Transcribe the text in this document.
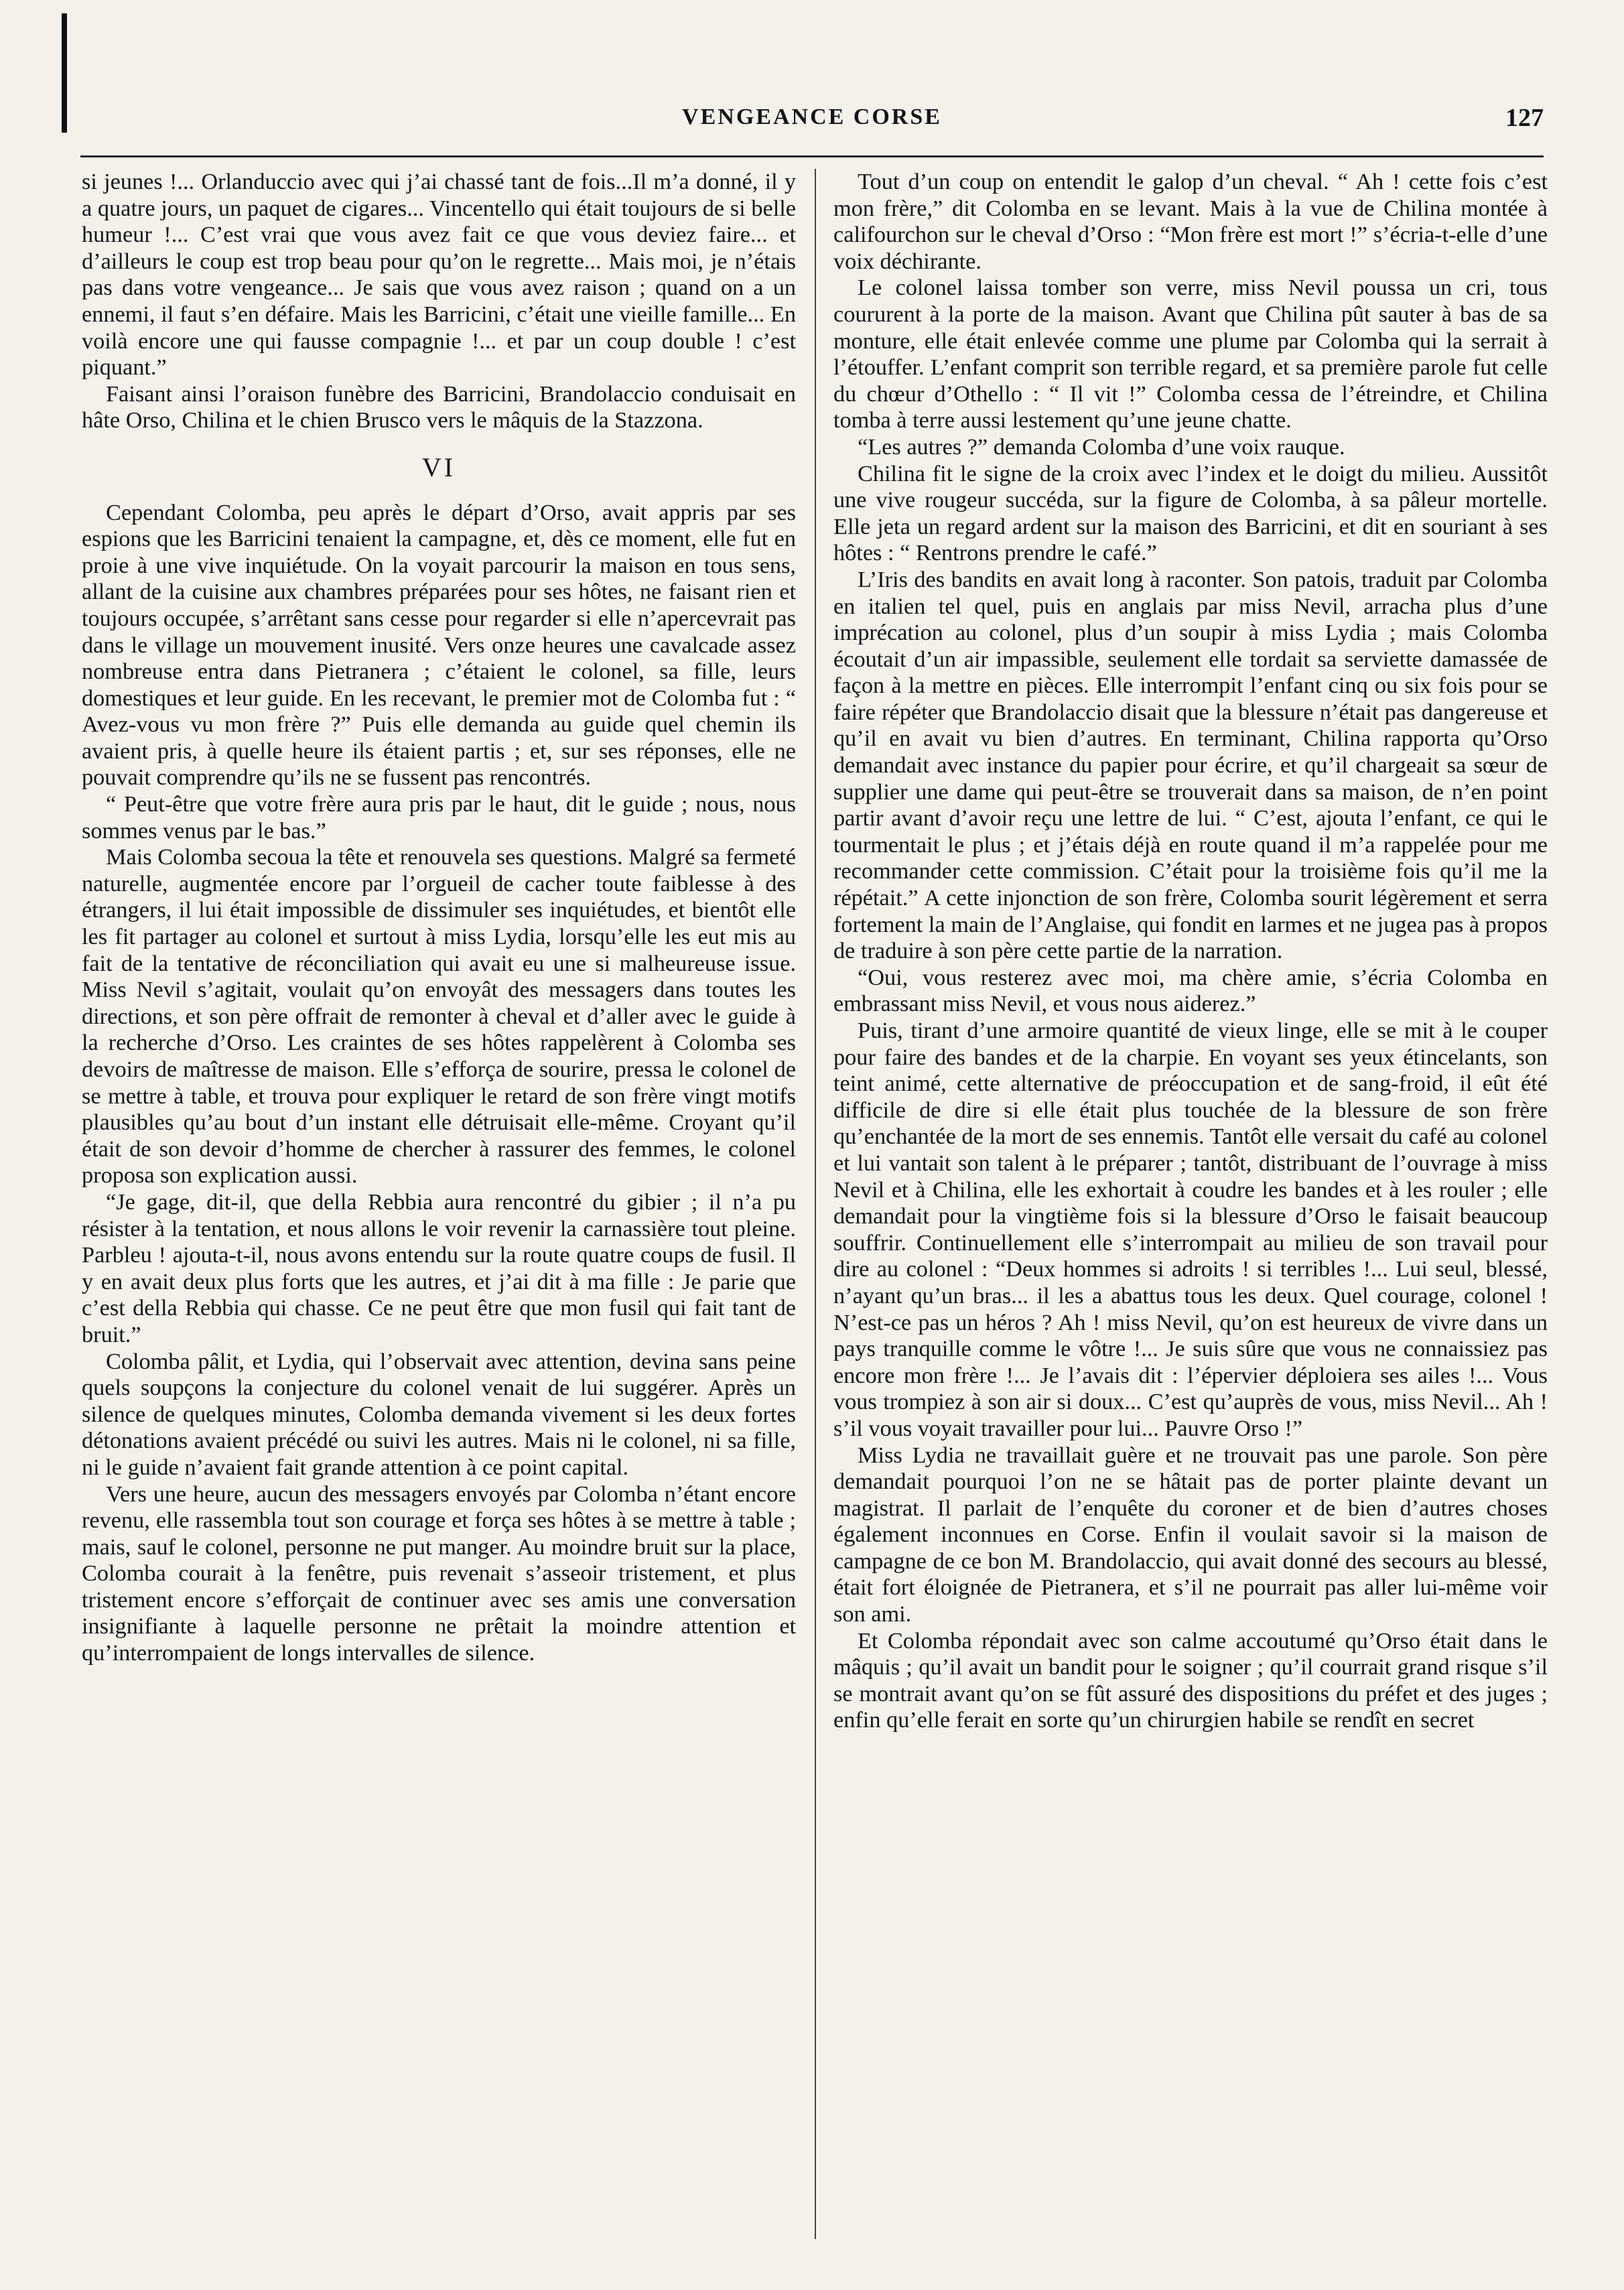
VENGEANCE CORSE	127

si jeunes !... Orlanduccio avec qui j’ai chassé tant de fois...Il m’a donné, il y a quatre jours, un paquet de cigares... Vincentello qui était toujours de si belle humeur !... C’est vrai que vous avez fait ce que vous deviez faire... et d’ailleurs le coup est trop beau pour qu’on le regrette... Mais moi, je n’étais pas dans votre vengeance... Je sais que vous avez raison ; quand on a un ennemi, il faut s’en défaire. Mais les Barricini, c’était une vieille famille... En voilà encore une qui fausse compagnie !... et par un coup double ! c’est piquant.”

Faisant ainsi l’oraison funèbre des Barricini, Brandolaccio conduisait en hâte Orso, Chilina et le chien Brusco vers le mâquis de la Stazzona.

VI

Cependant Colomba, peu après le départ d’Orso, avait appris par ses espions que les Barricini tenaient la campagne, et, dès ce moment, elle fut en proie à une vive inquiétude. On la voyait parcourir la maison en tous sens, allant de la cuisine aux chambres préparées pour ses hôtes, ne faisant rien et toujours occupée, s’arrêtant sans cesse pour regarder si elle n’apercevrait pas dans le village un mouvement inusité. Vers onze heures une cavalcade assez nombreuse entra dans Pietranera ; c’étaient le colonel, sa fille, leurs domestiques et leur guide. En les recevant, le premier mot de Colomba fut : “ Avez-vous vu mon frère ?” Puis elle demanda au guide quel chemin ils avaient pris, à quelle heure ils étaient partis ; et, sur ses réponses, elle ne pouvait comprendre qu’ils ne se fussent pas rencontrés.

“ Peut-être que votre frère aura pris par le haut, dit le guide ; nous, nous sommes venus par le bas.”

Mais Colomba secoua la tête et renouvela ses questions. Malgré sa fermeté naturelle, augmentée encore par l’orgueil de cacher toute faiblesse à des étrangers, il lui était impossible de dissimuler ses inquiétudes, et bientôt elle les fit partager au colonel et surtout à miss Lydia, lorsqu’elle les eut mis au fait de la tentative de réconciliation qui avait eu une si malheureuse issue. Miss Nevil s’agitait, voulait qu’on envoyât des messagers dans toutes les directions, et son père offrait de remonter à cheval et d’aller avec le guide à la recherche d’Orso. Les craintes de ses hôtes rappelèrent à Colomba ses devoirs de maîtresse de maison. Elle s’efforça de sourire, pressa le colonel de se mettre à table, et trouva pour expliquer le retard de son frère vingt motifs plausibles qu’au bout d’un instant elle détruisait elle-même. Croyant qu’il était de son devoir d’homme de chercher à rassurer des femmes, le colonel proposa son explication aussi.

“Je gage, dit-il, que della Rebbia aura rencontré du gibier ; il n’a pu résister à la tentation, et nous allons le voir revenir la carnassière tout pleine. Parbleu ! ajouta-t-il, nous avons entendu sur la route quatre coups de fusil. Il y en avait deux plus forts que les autres, et j’ai dit à ma fille : Je parie que c’est della Rebbia qui chasse. Ce ne peut être que mon fusil qui fait tant de bruit.”

Colomba pâlit, et Lydia, qui l’observait avec attention, devina sans peine quels soupçons la conjecture du colonel venait de lui suggérer. Après un silence de quelques minutes, Colomba demanda vivement si les deux fortes détonations avaient précédé ou suivi les autres. Mais ni le colonel, ni sa fille, ni le guide n’avaient fait grande attention à ce point capital.

Vers une heure, aucun des messagers envoyés par Colomba n’étant encore revenu, elle rassembla tout son courage et força ses hôtes à se mettre à table ; mais, sauf le colonel, personne ne put manger. Au moindre bruit sur la place, Colomba courait à la fenêtre, puis revenait s’asseoir tristement, et plus tristement encore s’efforçait de continuer avec ses amis une conversation insignifiante à laquelle personne ne prêtait la moindre attention et qu’interrompaient de longs intervalles de silence.

Tout d’un coup on entendit le galop d’un cheval. “ Ah ! cette fois c’est mon frère,” dit Colomba en se levant. Mais à la vue de Chilina montée à califourchon sur le cheval d’Orso : “Mon frère est mort !” s’écria-t-elle d’une voix déchirante.

Le colonel laissa tomber son verre, miss Nevil poussa un cri, tous coururent à la porte de la maison. Avant que Chilina pût sauter à bas de sa monture, elle était enlevée comme une plume par Colomba qui la serrait à l’étouffer. L’enfant comprit son terrible regard, et sa première parole fut celle du chœur d’Othello : “ Il vit !” Colomba cessa de l’étreindre, et Chilina tomba à terre aussi lestement qu’une jeune chatte.

“Les autres ?” demanda Colomba d’une voix rauque.

Chilina fit le signe de la croix avec l’index et le doigt du milieu. Aussitôt une vive rougeur succéda, sur la figure de Colomba, à sa pâleur mortelle. Elle jeta un regard ardent sur la maison des Barricini, et dit en souriant à ses hôtes : “ Rentrons prendre le café.”

L’Iris des bandits en avait long à raconter. Son patois, traduit par Colomba en italien tel quel, puis en anglais par miss Nevil, arracha plus d’une imprécation au colonel, plus d’un soupir à miss Lydia ; mais Colomba écoutait d’un air impassible, seulement elle tordait sa serviette damassée de façon à la mettre en pièces. Elle interrompit l’enfant cinq ou six fois pour se faire répéter que Brandolaccio disait que la blessure n’était pas dangereuse et qu’il en avait vu bien d’autres. En terminant, Chilina rapporta qu’Orso demandait avec instance du papier pour écrire, et qu’il chargeait sa sœur de supplier une dame qui peut-être se trouverait dans sa maison, de n’en point partir avant d’avoir reçu une lettre de lui. “ C’est, ajouta l’enfant, ce qui le tourmentait le plus ; et j’étais déjà en route quand il m’a rappelée pour me recommander cette commission. C’était pour la troisième fois qu’il me la répétait.” A cette injonction de son frère, Colomba sourit légèrement et serra fortement la main de l’Anglaise, qui fondit en larmes et ne jugea pas à propos de traduire à son père cette partie de la narration.

“Oui, vous resterez avec moi, ma chère amie, s’écria Colomba en embrassant miss Nevil, et vous nous aiderez.”

Puis, tirant d’une armoire quantité de vieux linge, elle se mit à le couper pour faire des bandes et de la charpie. En voyant ses yeux étincelants, son teint animé, cette alternative de préoccupation et de sang-froid, il eût été difficile de dire si elle était plus touchée de la blessure de son frère qu’enchantée de la mort de ses ennemis. Tantôt elle versait du café au colonel et lui vantait son talent à le préparer ; tantôt, distribuant de l’ouvrage à miss Nevil et à Chilina, elle les exhortait à coudre les bandes et à les rouler ; elle demandait pour la vingtième fois si la blessure d’Orso le faisait beaucoup souffrir. Continuellement elle s’interrompait au milieu de son travail pour dire au colonel : “Deux hommes si adroits ! si terribles !... Lui seul, blessé, n’ayant qu’un bras... il les a abattus tous les deux. Quel courage, colonel ! N’est-ce pas un héros ? Ah ! miss Nevil, qu’on est heureux de vivre dans un pays tranquille comme le vôtre !... Je suis sûre que vous ne connaissiez pas encore mon frère !... Je l’avais dit : l’épervier déploiera ses ailes !... Vous vous trompiez à son air si doux... C’est qu’auprès de vous, miss Nevil... Ah ! s’il vous voyait travailler pour lui... Pauvre Orso !”

Miss Lydia ne travaillait guère et ne trouvait pas une parole. Son père demandait pourquoi l’on ne se hâtait pas de porter plainte devant un magistrat. Il parlait de l’enquête du coroner et de bien d’autres choses également inconnues en Corse. Enfin il voulait savoir si la maison de campagne de ce bon M. Brandolaccio, qui avait donné des secours au blessé, était fort éloignée de Pietranera, et s’il ne pourrait pas aller lui-même voir son ami.

Et Colomba répondait avec son calme accoutumé qu’Orso était dans le mâquis ; qu’il avait un bandit pour le soigner ; qu’il courrait grand risque s’il se montrait avant qu’on se fût assuré des dispositions du préfet et des juges ; enfin qu’elle ferait en sorte qu’un chirurgien habile se rendît en secret
